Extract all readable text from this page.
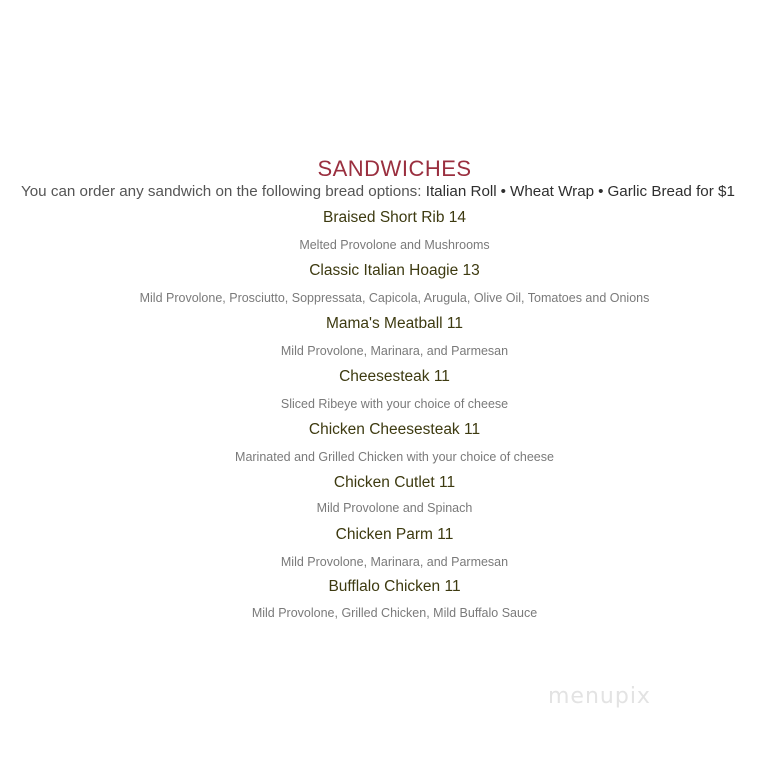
SANDWICHES
You can order any sandwich on the following bread options: Italian Roll • Wheat Wrap • Garlic Bread for $1
Braised Short Rib 14
Melted Provolone and Mushrooms
Classic Italian Hoagie 13
Mild Provolone, Prosciutto, Soppressata, Capicola, Arugula, Olive Oil, Tomatoes and Onions
Mama's Meatball 11
Mild Provolone, Marinara, and Parmesan
Cheesesteak 11
Sliced Ribeye with your choice of cheese
Chicken Cheesesteak 11
Marinated and Grilled Chicken with your choice of cheese
Chicken Cutlet 11
Mild Provolone and Spinach
Chicken Parm 11
Mild Provolone, Marinara, and Parmesan
Bufflalo Chicken 11
Mild Provolone, Grilled Chicken, Mild Buffalo Sauce
menupix
